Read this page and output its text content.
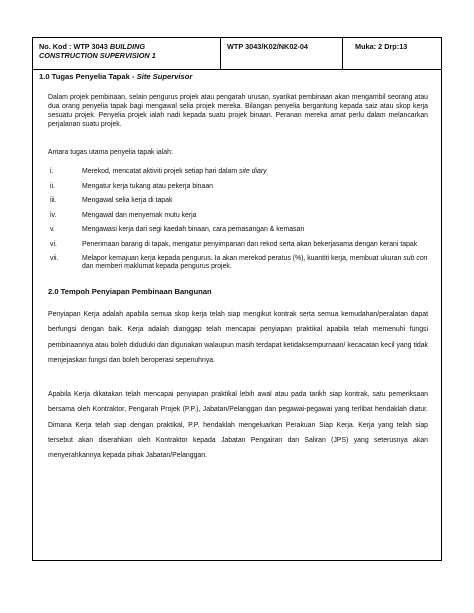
No. Kod : WTP 3043 BUILDING
CONSTRUCTION SUPERVISION 1
WTP 3043/K02/NK02-04	Muka: 2 Drp:13
1.0 Tugas Penyelia Tapak - Site Supervisor
Dalam projek pembinaan, selain pengurus projek atau pengarah urusan, syarikat pembinaan akan mengambil seorang atau dua orang penyelia tapak bagi mengawal selia projek mereka. Bilangan penyelia bergantung kepada saiz atau skop kerja sesuatu projek. Penyelia projek ialah nadi kepada suatu projek binaan. Peranan mereka amat perlu dalam melancarkan perjalanan suatu projek.
Antara tugas utama penyelia tapak ialah:
i.	Merekod, mencatat aktiviti projek setiap hari dalam site diary
ii.	Mengatur kerja tukang atau pekerja binaan
iii.	Mengawal selia kerja di tapak
iv.	Mengawal dan menyemak mutu kerja
v.	Mengawasi kerja dari segi kaedah binaan, cara pemasangan & kemasan
vi.	Penerimaan barang di tapak, mengatur penyimpanan dan rekod serta akan bekerjasama dengan kerani tapak
vii.	Melapor kemajuan kerja kepada pengurus. Ia akan merekod peratus (%), kuantiti kerja, membuat ukuran sub con dan memberi maklumat kepada pengurus projek.
2.0 Tempoh Penyiapan Pembinaan Bangunan
Penyiapan Kerja adalah apabila semua skop kerja telah siap mengikut kontrak serta semua kemudahan/peralatan dapat berfungsi dengan baik. Kerja adalah dianggap telah mencapai penyiapan praktikal apabila telah memenuhi fungsi pembinaannya atau boleh diduduki dan digunakan walaupun masih terdapat ketidaksempurnaan/ kecacatan kecil yang tidak menjejaskan fungsi dan boleh beroperasi sepenuhnya.
Apabila Kerja dikatakan telah mencapai penyiapan praktikal lebih awal atau pada tarikh siap kontrak, satu pemeriksaan bersama oleh Kontraktor, Pengarah Projek (P.P.), Jabatan/Pelanggan dan pegawai-pegawai yang terlibat hendaklah diatur. Dimana Kerja telah siap dengan praktikal, P.P. hendaklah mengeluarkan Perakuan Siap Kerja. Kerja yang telah siap tersebut akan diserahkan oleh Kontraktor kepada Jabatan Pengairan dan Saliran (JPS) yang seterusnya akan menyerahkannya kepada pihak Jabatan/Pelanggan.
